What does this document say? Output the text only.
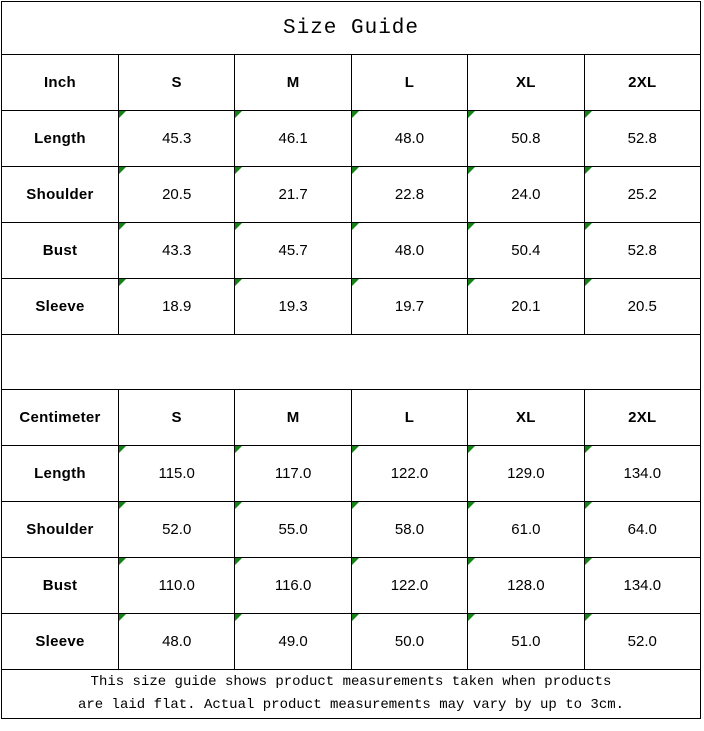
Size Guide					
Inch	S	M	L	XL	2XL
Length	45.3	46.1	48.0	50.8	52.8
Shoulder	20.5	21.7	22.8	24.0	25.2
Bust	43.3	45.7	48.0	50.4	52.8
Sleeve	18.9	19.3	19.7	20.1	20.5

Centimeter	S	M	L	XL	2XL
Length	115.0	117.0	122.0	129.0	134.0
Shoulder	52.0	55.0	58.0	61.0	64.0
Bust	110.0	116.0	122.0	128.0	134.0
Sleeve	48.0	49.0	50.0	51.0	52.0

This size guide shows product measurements taken when products
are laid flat. Actual product measurements may vary by up to 3cm.					
